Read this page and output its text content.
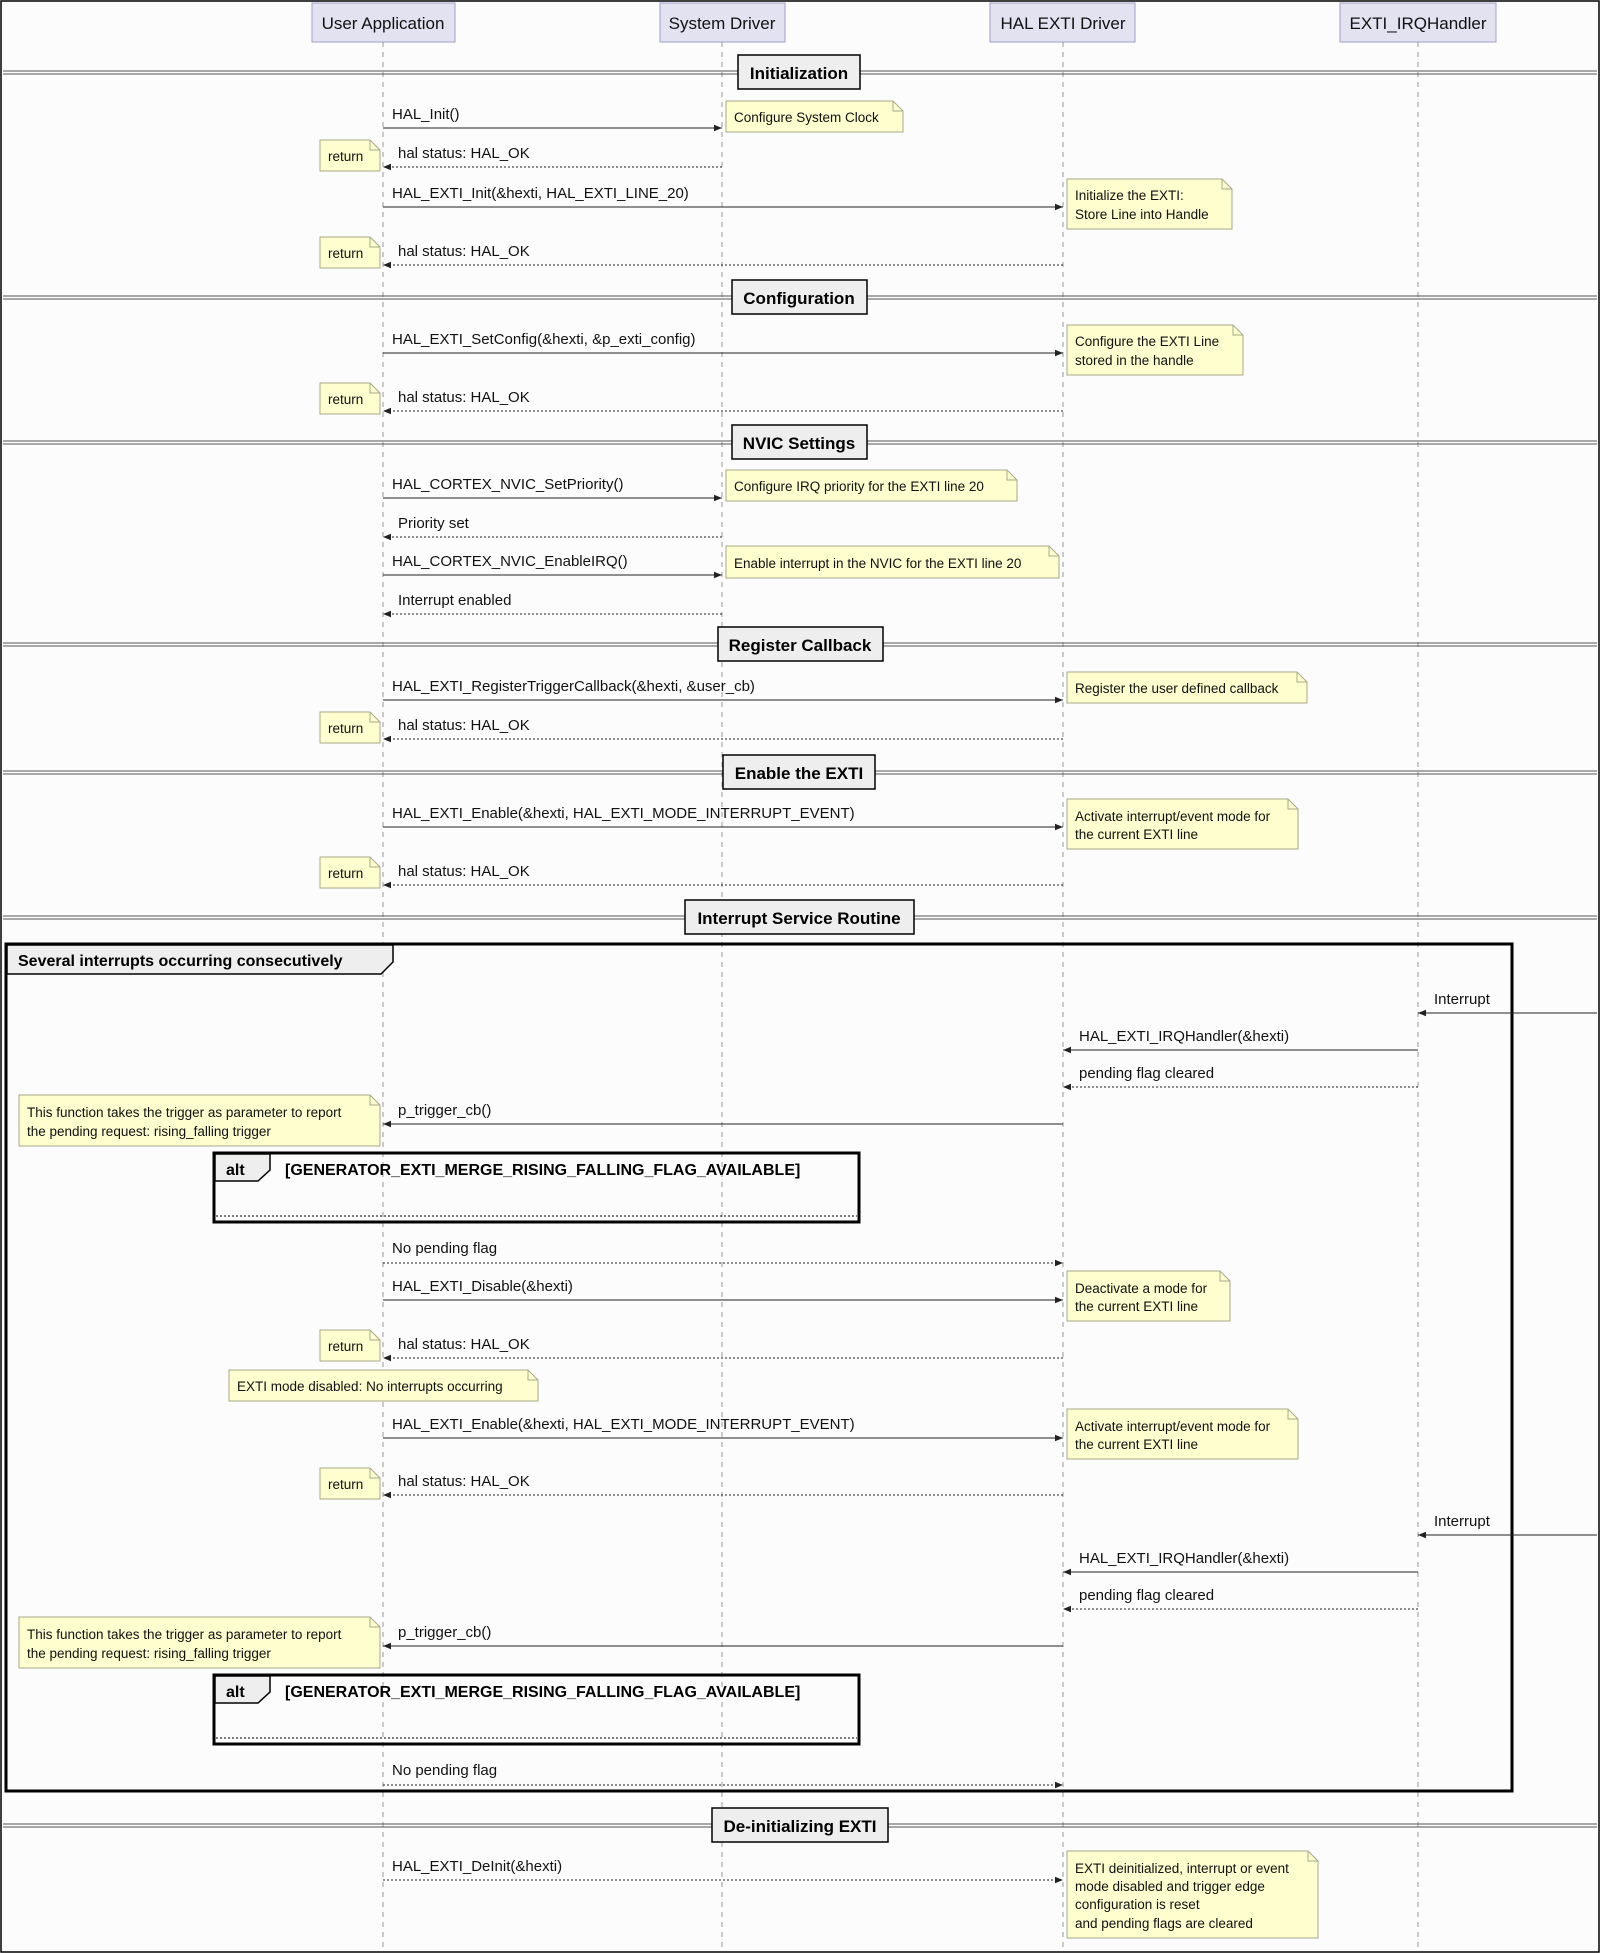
User Application	System Driver	HAL EXTI Driver	EXTI_IRQHandler
Initialization
HAL_Init()	Configure System Clock
hal status: HAL_OK
return
HAL_EXTI_Init(&hexti, HAL_EXTI_LINE_20)	Initialize the EXTI:
Store Line into Handle
hal status: HAL_OK
return
Configuration
HAL_EXTI_SetConfig(&hexti, &p_exti_config)	Configure the EXTI Line
stored in the handle
hal status: HAL_OK
return
NVIC Settings
HAL_CORTEX_NVIC_SetPriority()	Configure IRQ priority for the EXTI line 20
Priority set
HAL_CORTEX_NVIC_EnableIRQ()	Enable interrupt in the NVIC for the EXTI line 20
Interrupt enabled
Register Callback
HAL_EXTI_RegisterTriggerCallback(&hexti, &user_cb)	Register the user defined callback
hal status: HAL_OK
return
Enable the EXTI
HAL_EXTI_Enable(&hexti, HAL_EXTI_MODE_INTERRUPT_EVENT)	Activate interrupt/event mode for
the current EXTI line
hal status: HAL_OK
return
Interrupt Service Routine
Several interrupts occurring consecutively
Interrupt
HAL_EXTI_IRQHandler(&hexti)
pending flag cleared
p_trigger_cb()
This function takes the trigger as parameter to report
the pending request: rising_falling trigger
alt	[GENERATOR_EXTI_MERGE_RISING_FALLING_FLAG_AVAILABLE]
No pending flag
HAL_EXTI_Disable(&hexti)	Deactivate a mode for
the current EXTI line
hal status: HAL_OK
return
EXTI mode disabled: No interrupts occurring
HAL_EXTI_Enable(&hexti, HAL_EXTI_MODE_INTERRUPT_EVENT)	Activate interrupt/event mode for
the current EXTI line
hal status: HAL_OK
return
Interrupt
HAL_EXTI_IRQHandler(&hexti)
pending flag cleared
p_trigger_cb()
This function takes the trigger as parameter to report
the pending request: rising_falling trigger
alt	[GENERATOR_EXTI_MERGE_RISING_FALLING_FLAG_AVAILABLE]
No pending flag
De-initializing EXTI
HAL_EXTI_DeInit(&hexti)	EXTI deinitialized, interrupt or event
mode disabled and trigger edge
configuration is reset
and pending flags are cleared
